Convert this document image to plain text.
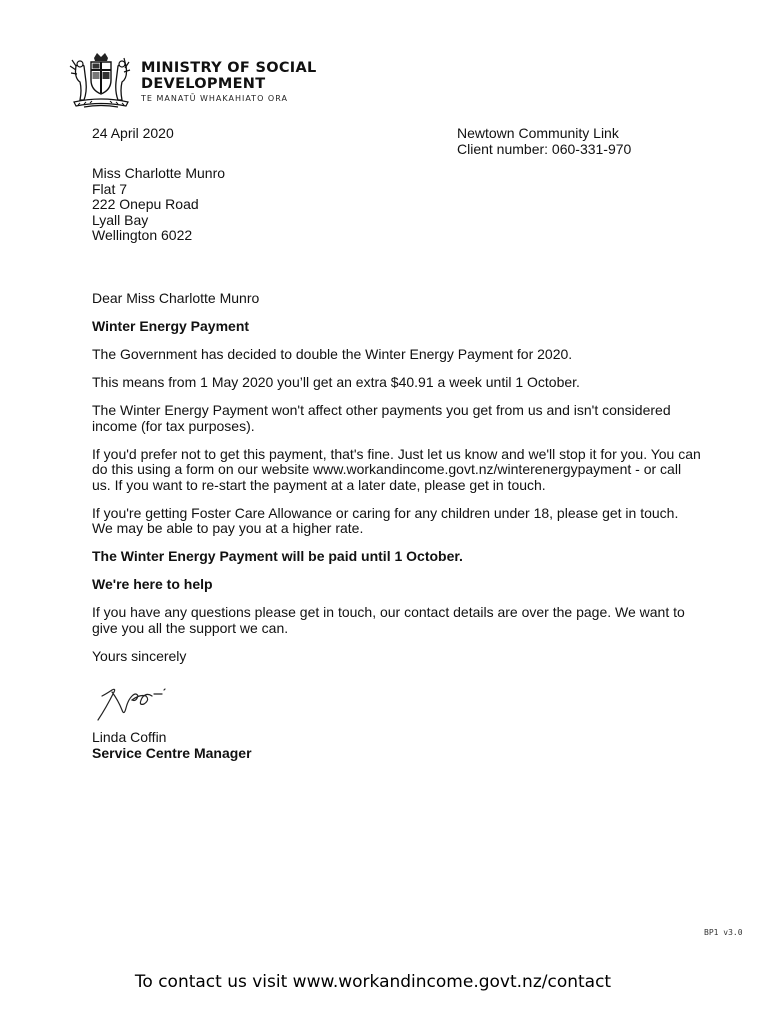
MINISTRY OF SOCIAL
DEVELOPMENT
TE MANATŪ WHAKAHIATO ORA
24 April 2020	Newtown Community Link
Client number: 060-331-970
Miss Charlotte Munro
Flat 7
222 Onepu Road
Lyall Bay
Wellington 6022

Dear Miss Charlotte Munro

Winter Energy Payment

The Government has decided to double the Winter Energy Payment for 2020.

This means from 1 May 2020 you’ll get an extra $40.91 a week until 1 October.

The Winter Energy Payment won't affect other payments you get from us and isn't considered income (for tax purposes).

If you'd prefer not to get this payment, that's fine. Just let us know and we'll stop it for you. You can do this using a form on our website www.workandincome.govt.nz/winterenergypayment - or call us. If you want to re-start the payment at a later date, please get in touch.

If you're getting Foster Care Allowance or caring for any children under 18, please get in touch. We may be able to pay you at a higher rate.

The Winter Energy Payment will be paid until 1 October.

We're here to help

If you have any questions please get in touch, our contact details are over the page. We want to give you all the support we can.

Yours sincerely

Linda Coffin
Service Centre Manager
BP1 v3.0
To contact us visit www.workandincome.govt.nz/contact
